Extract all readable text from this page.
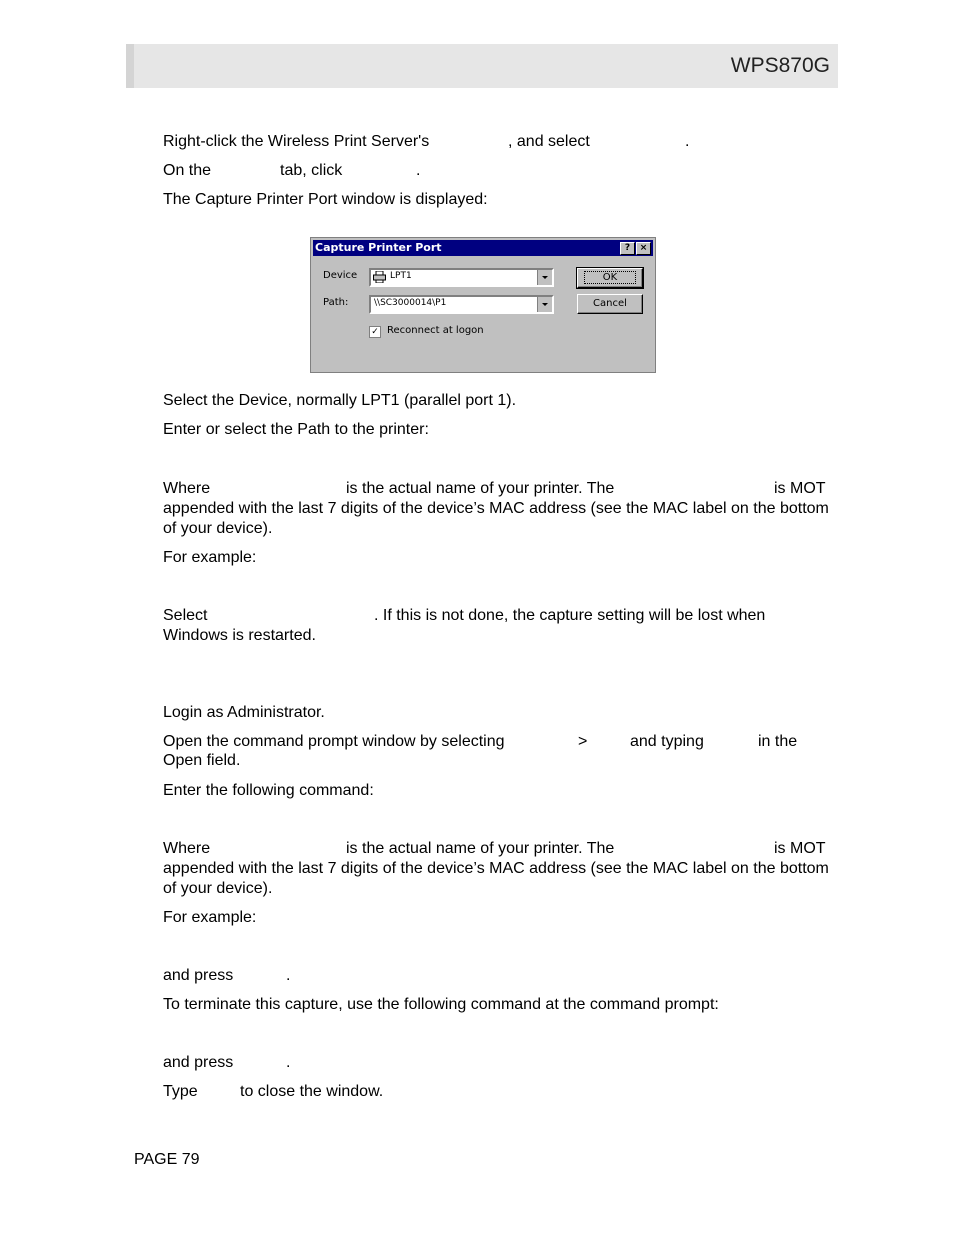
WPS870G
Right-click the Wireless Print Server's	, and select	.
On the	tab, click	.
The Capture Printer Port window is displayed:
Capture Printer Port	?	×
Device	LPT1
Path:	\\SC3000014\P1
OK
Cancel
✓ Reconnect at logon
Select the Device, normally LPT1 (parallel port 1).
Enter or select the Path to the printer:
Where	is the actual name of your printer. The	is MOT
appended with the last 7 digits of the device’s MAC address (see the MAC label on the bottom of your device).
For example:
Select	. If this is not done, the capture setting will be lost when
Windows is restarted.
Login as Administrator.
Open the command prompt window by selecting	>	and typing	in the
Open field.
Enter the following command:
Where	is the actual name of your printer. The	is MOT
appended with the last 7 digits of the device’s MAC address (see the MAC label on the bottom of your device).
For example:
and press	.
To terminate this capture, use the following command at the command prompt:
and press	.
Type	to close the window.
PAGE 79
